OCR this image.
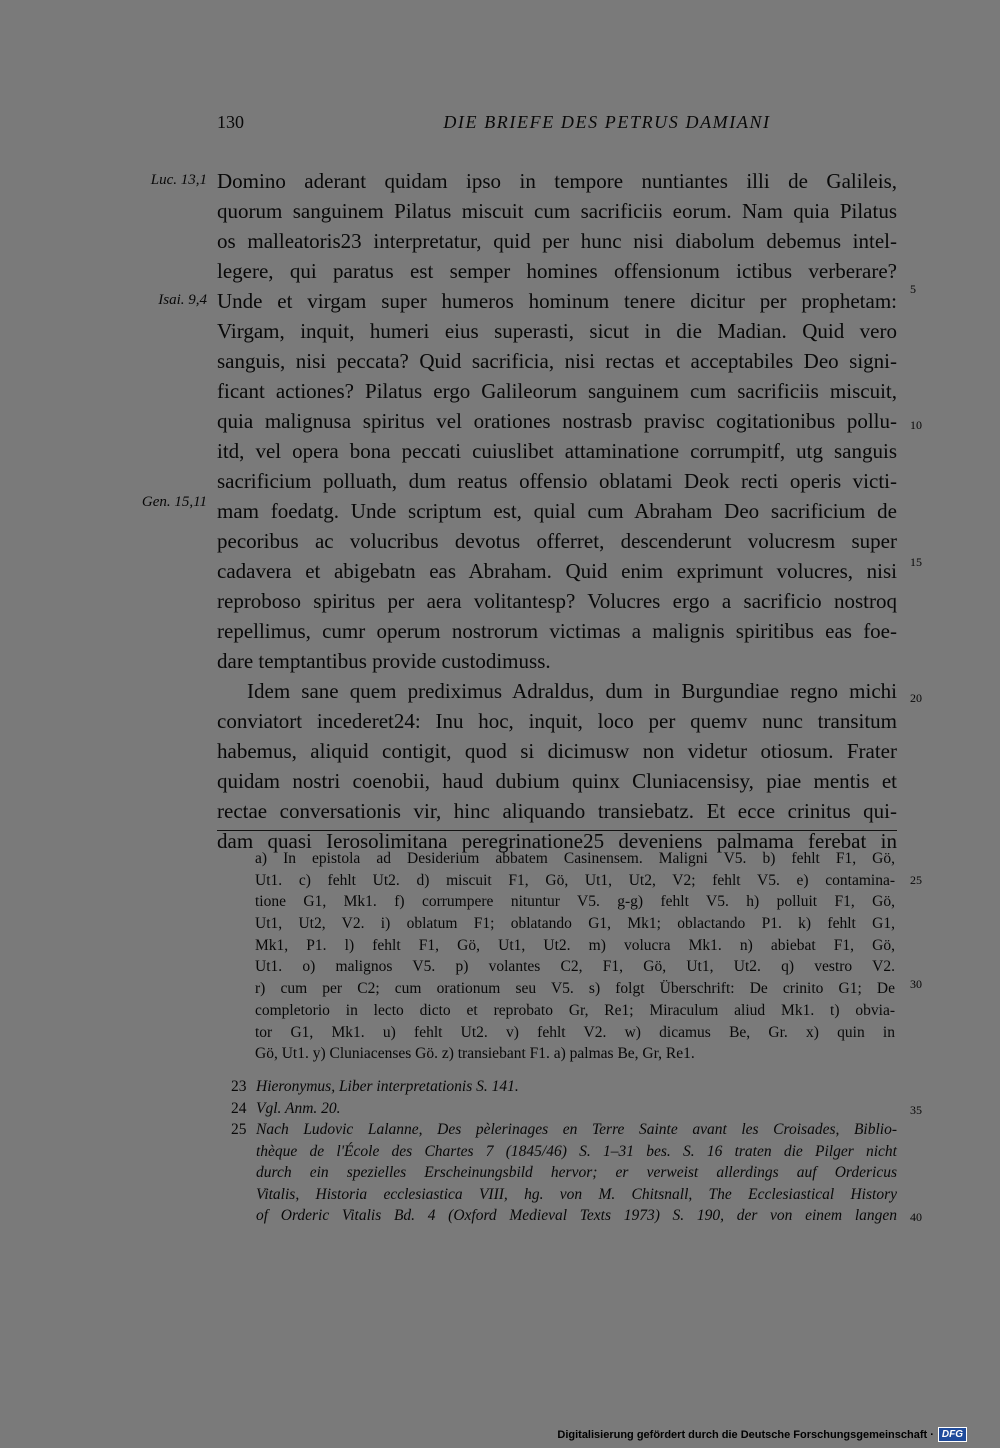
130	DIE BRIEFE DES PETRUS DAMIANI
Luc. 13,1
Isai. 9,4
Gen. 15,11
5
10
15
20
25
30
35
40
Domino aderant quidam ipso in tempore nuntiantes illi de Galileis,
quorum sanguinem Pilatus miscuit cum sacrificiis eorum. Nam quia Pilatus
os malleatoris23 interpretatur, quid per hunc nisi diabolum debemus intel-
legere, qui paratus est semper homines offensionum ictibus verberare?
Unde et virgam super humeros hominum tenere dicitur per prophetam:
Virgam, inquit, humeri eius superasti, sicut in die Madian. Quid vero
sanguis, nisi peccata? Quid sacrificia, nisi rectas et acceptabiles Deo signi-
ficant actiones? Pilatus ergo Galileorum sanguinem cum sacrificiis miscuit,
quia malignusa spiritus vel orationes nostrasb pravisc cogitationibus pollu-
itd, vel opera bona peccati cuiuslibet attaminatione corrumpitf, utg sanguis
sacrificium polluath, dum reatus offensio oblatami Deok recti operis victi-
mam foedatg. Unde scriptum est, quial cum Abraham Deo sacrificium de
pecoribus ac volucribus devotus offerret, descenderunt volucresm super
cadavera et abigebatn eas Abraham. Quid enim exprimunt volucres, nisi
reproboso spiritus per aera volitantesp? Volucres ergo a sacrificio nostroq
repellimus, cumr operum nostrorum victimas a malignis spiritibus eas foe-
dare temptantibus provide custodimuss.
Idem sane quem prediximus Adraldus, dum in Burgundiae regno michi
conviatort incederet24: Inu hoc, inquit, loco per quemv nunc transitum
habemus, aliquid contigit, quod si dicimusw non videtur otiosum. Frater
quidam nostri coenobii, haud dubium quinx Cluniacensisy, piae mentis et
rectae conversationis vir, hinc aliquando transiebatz. Et ecce crinitus qui-
dam quasi Ierosolimitana peregrinatione25 deveniens palmama ferebat in
a) In epistola ad Desiderium abbatem Casinensem. Maligni V5. b) fehlt F1, Gö,
Ut1. c) fehlt Ut2. d) miscuit F1, Gö, Ut1, Ut2, V2; fehlt V5. e) contamina-
tione G1, Mk1. f) corrumpere nituntur V5. g-g) fehlt V5. h) polluit F1, Gö,
Ut1, Ut2, V2. i) oblatum F1; oblatando G1, Mk1; oblactando P1. k) fehlt G1,
Mk1, P1. l) fehlt F1, Gö, Ut1, Ut2. m) volucra Mk1. n) abiebat F1, Gö,
Ut1. o) malignos V5. p) volantes C2, F1, Gö, Ut1, Ut2. q) vestro V2.
r) cum per C2; cum orationum seu V5. s) folgt Überschrift: De crinito G1; De
completorio in lecto dicto et reprobato Gr, Re1; Miraculum aliud Mk1. t) obvia-
tor G1, Mk1. u) fehlt Ut2. v) fehlt V2. w) dicamus Be, Gr. x) quin in
Gö, Ut1. y) Cluniacenses Gö. z) transiebant F1. a) palmas Be, Gr, Re1.
23 Hieronymus, Liber interpretationis S. 141.
24 Vgl. Anm. 20.
25 Nach Ludovic Lalanne, Des pèlerinages en Terre Sainte avant les Croisades, Biblio-
thèque de l'École des Chartes 7 (1845/46) S. 1–31 bes. S. 16 traten die Pilger nicht
durch ein spezielles Erscheinungsbild hervor; er verweist allerdings auf Ordericus
Vitalis, Historia ecclesiastica VIII, hg. von M. Chitsnall, The Ecclesiastical History
of Orderic Vitalis Bd. 4 (Oxford Medieval Texts 1973) S. 190, der von einem langen
Digitalisierung gefördert durch die Deutsche Forschungsgemeinschaft · DFG
